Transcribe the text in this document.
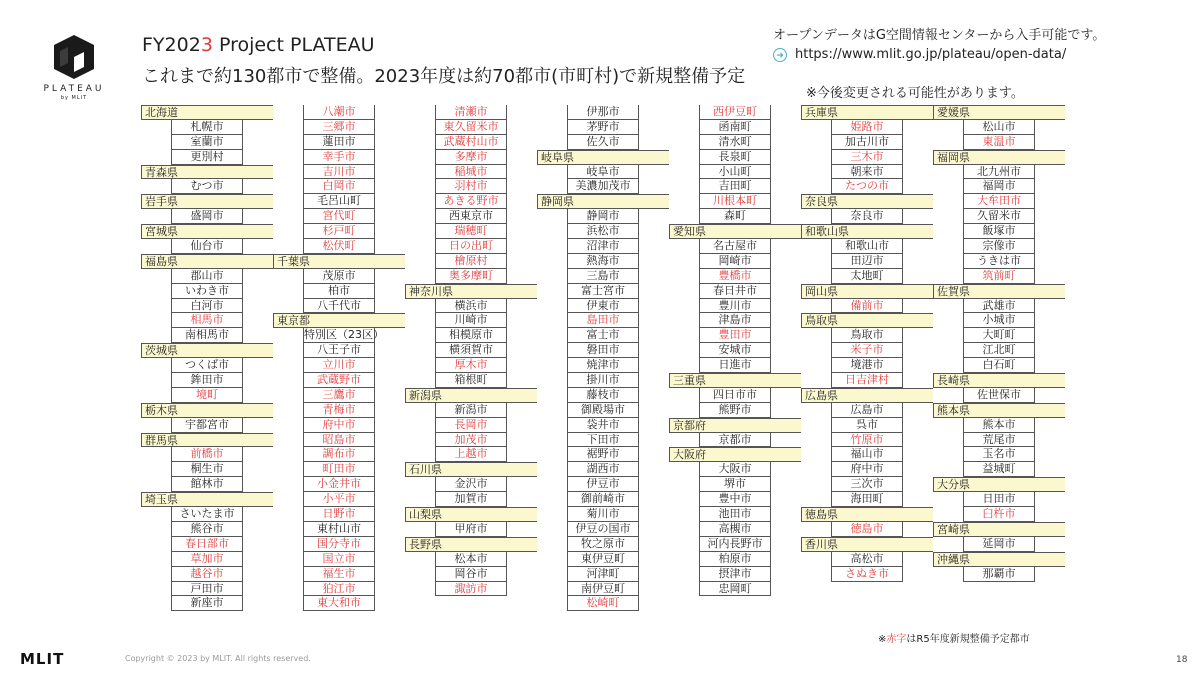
PLATEAU
by MLIT
FY2023 Project PLATEAU
これまで約130都市で整備。2023年度は約70都市(市町村)で新規整備予定
オープンデータはG空間情報センターから入手可能です。
➜ https://www.mlit.go.jp/plateau/open-data/
※今後変更される可能性があります。
北海道
札幌市
室蘭市
更別村
青森県
むつ市
岩手県
盛岡市
宮城県
仙台市
福島県
郡山市
いわき市
白河市
相馬市
南相馬市
茨城県
つくば市
鉾田市
境町
栃木県
宇都宮市
群馬県
前橋市
桐生市
館林市
埼玉県
さいたま市
熊谷市
春日部市
草加市
越谷市
戸田市
新座市
八潮市
三郷市
蓮田市
幸手市
吉川市
白岡市
毛呂山町
宮代町
杉戸町
松伏町
千葉県
茂原市
柏市
八千代市
東京都
特別区（23区）
八王子市
立川市
武蔵野市
三鷹市
青梅市
府中市
昭島市
調布市
町田市
小金井市
小平市
日野市
東村山市
国分寺市
国立市
福生市
狛江市
東大和市
清瀬市
東久留米市
武蔵村山市
多摩市
稲城市
羽村市
あきる野市
西東京市
瑞穂町
日の出町
檜原村
奥多摩町
神奈川県
横浜市
川崎市
相模原市
横須賀市
厚木市
箱根町
新潟県
新潟市
長岡市
加茂市
上越市
石川県
金沢市
加賀市
山梨県
甲府市
長野県
松本市
岡谷市
諏訪市
伊那市
茅野市
佐久市
岐阜県
岐阜市
美濃加茂市
静岡県
静岡市
浜松市
沼津市
熱海市
三島市
富士宮市
伊東市
島田市
富士市
磐田市
焼津市
掛川市
藤枝市
御殿場市
袋井市
下田市
裾野市
湖西市
伊豆市
御前崎市
菊川市
伊豆の国市
牧之原市
東伊豆町
河津町
南伊豆町
松崎町
西伊豆町
函南町
清水町
長泉町
小山町
吉田町
川根本町
森町
愛知県
名古屋市
岡崎市
豊橋市
春日井市
豊川市
津島市
豊田市
安城市
日進市
三重県
四日市市
熊野市
京都府
京都市
大阪府
大阪市
堺市
豊中市
池田市
高槻市
河内長野市
柏原市
摂津市
忠岡町
兵庫県
姫路市
加古川市
三木市
朝来市
たつの市
奈良県
奈良市
和歌山県
和歌山市
田辺市
太地町
岡山県
備前市
鳥取県
鳥取市
米子市
境港市
日吉津村
広島県
広島市
呉市
竹原市
福山市
府中市
三次市
海田町
徳島県
徳島市
香川県
高松市
さぬき市
愛媛県
松山市
東温市
福岡県
北九州市
福岡市
大牟田市
久留米市
飯塚市
宗像市
うきは市
筑前町
佐賀県
武雄市
小城市
大町町
江北町
白石町
長崎県
佐世保市
熊本県
熊本市
荒尾市
玉名市
益城町
大分県
日田市
臼杵市
宮崎県
延岡市
沖縄県
那覇市
※赤字はR5年度新規整備予定都市
MLIT	Copyright © 2023 by MLIT. All rights reserved.	18
